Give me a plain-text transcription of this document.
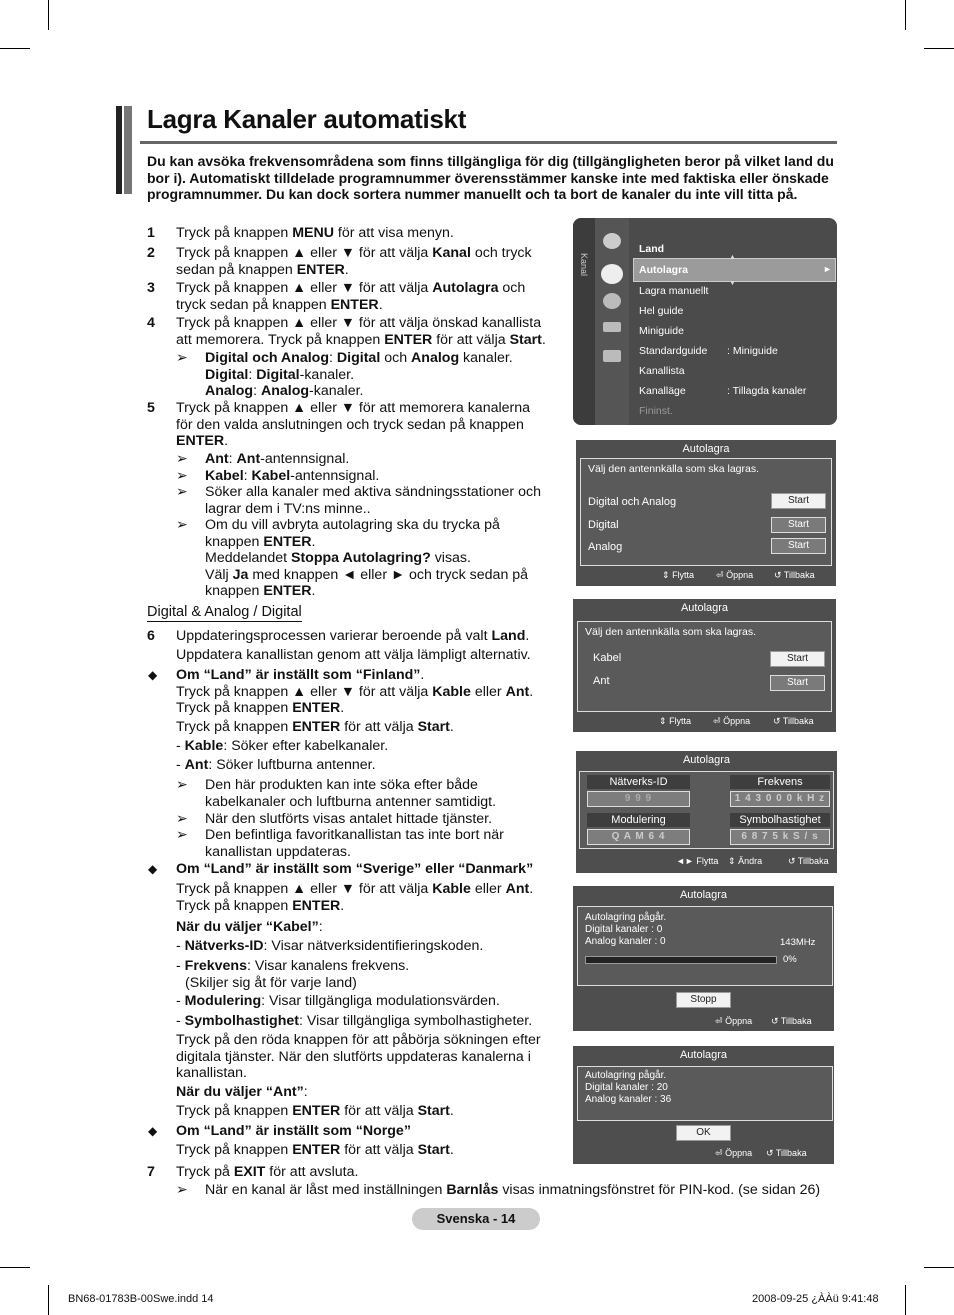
Lagra Kanaler automatiskt
Du kan avsöka frekvensområdena som finns tillgängliga för dig (tillgängligheten beror på vilket land du bor i). Automatiskt tilldelade programnummer överensstämmer kanske inte med faktiska eller önskade programnummer. Du kan dock sortera nummer manuellt och ta bort de kanaler du inte vill titta på.
1 Tryck på knappen MENU för att visa menyn.
2 Tryck på knappen ▲ eller ▼ för att välja Kanal och tryck
sedan på knappen ENTER.
3 Tryck på knappen ▲ eller ▼ för att välja Autolagra och
tryck sedan på knappen ENTER.
4 Tryck på knappen ▲ eller ▼ för att välja önskad kanallista
att memorera. Tryck på knappen ENTER för att välja Start.
➢ Digital och Analog: Digital och Analog kanaler.
Digital: Digital-kanaler.
Analog: Analog-kanaler.
5 Tryck på knappen ▲ eller ▼ för att memorera kanalerna
för den valda anslutningen och tryck sedan på knappen
ENTER.
➢ Ant: Ant-antennsignal.
➢ Kabel: Kabel-antennsignal.
➢ Söker alla kanaler med aktiva sändningsstationer och
lagrar dem i TV:ns minne..
➢ Om du vill avbryta autolagring ska du trycka på
knappen ENTER.
Meddelandet Stoppa Autolagring? visas.
Välj Ja med knappen ◄ eller ► och tryck sedan på
knappen ENTER.
Digital & Analog / Digital
6 Uppdateringsprocessen varierar beroende på valt Land.
Uppdatera kanallistan genom att välja lämpligt alternativ.
◆ Om “Land” är inställt som “Finland”.
Tryck på knappen ▲ eller ▼ för att välja Kable eller Ant.
Tryck på knappen ENTER.
Tryck på knappen ENTER för att välja Start.
- Kable: Söker efter kabelkanaler.
- Ant: Söker luftburna antenner.
➢ Den här produkten kan inte söka efter både
kabelkanaler och luftburna antenner samtidigt.
➢ När den slutförts visas antalet hittade tjänster.
➢ Den befintliga favoritkanallistan tas inte bort när
kanallistan uppdateras.
◆ Om “Land” är inställt som “Sverige” eller “Danmark”
Tryck på knappen ▲ eller ▼ för att välja Kable eller Ant.
Tryck på knappen ENTER.
När du väljer “Kabel”:
- Nätverks-ID: Visar nätverksidentifieringskoden.
- Frekvens: Visar kanalens frekvens.
(Skiljer sig åt för varje land)
- Modulering: Visar tillgängliga modulationsvärden.
- Symbolhastighet: Visar tillgängliga symbolhastigheter.
Tryck på den röda knappen för att påbörja sökningen efter
digitala tjänster. När den slutförts uppdateras kanalerna i
kanallistan.
När du väljer “Ant”:
Tryck på knappen ENTER för att välja Start.
◆ Om “Land” är inställt som “Norge”
Tryck på knappen ENTER för att välja Start.
7 Tryck på EXIT för att avsluta.
➢ När en kanal är låst med inställningen Barnlås visas inmatningsfönstret för PIN-kod. (se sidan 26)
Kanal	▲
▼
Land
Autolagra	►
Lagra manuellt
Hel guide
Miniguide
Standardguide : Miniguide
Kanallista
Kanalläge	: Tillagda kanaler
Fininst.
Autolagra
Välj den antennkälla som ska lagras.
Digital och Analog	Start
Digital	Start
Analog	Start
⇕ Flytta ⏎ Öppna ↺ Tillbaka
Autolagra
Välj den antennkälla som ska lagras.
Kabel	Start
Ant	Start
⇕ Flytta ⏎ Öppna	↺ Tillbaka
Autolagra
Nätverks-ID
9 9 9
Frekvens
1 4 3 0 0 0 k H z
Modulering
Q A M 6 4
Symbolhastighet
6 8 7 5 k S / s
◄► Flytta ⇕ Ändra	↺ Tillbaka
Autolagra
Autolagring pågår.
Digital kanaler : 0
Analog kanaler : 0	143MHz
0%
Stopp
⏎ Öppna ↺ Tillbaka
Autolagra
Autolagring pågår.
Digital kanaler : 20
Analog kanaler : 36
OK
⏎ Öppna ↺ Tillbaka
Svenska - 14
BN68-01783B-00Swe.indd 14	2008-09-25 ¿ÀÀü 9:41:48
